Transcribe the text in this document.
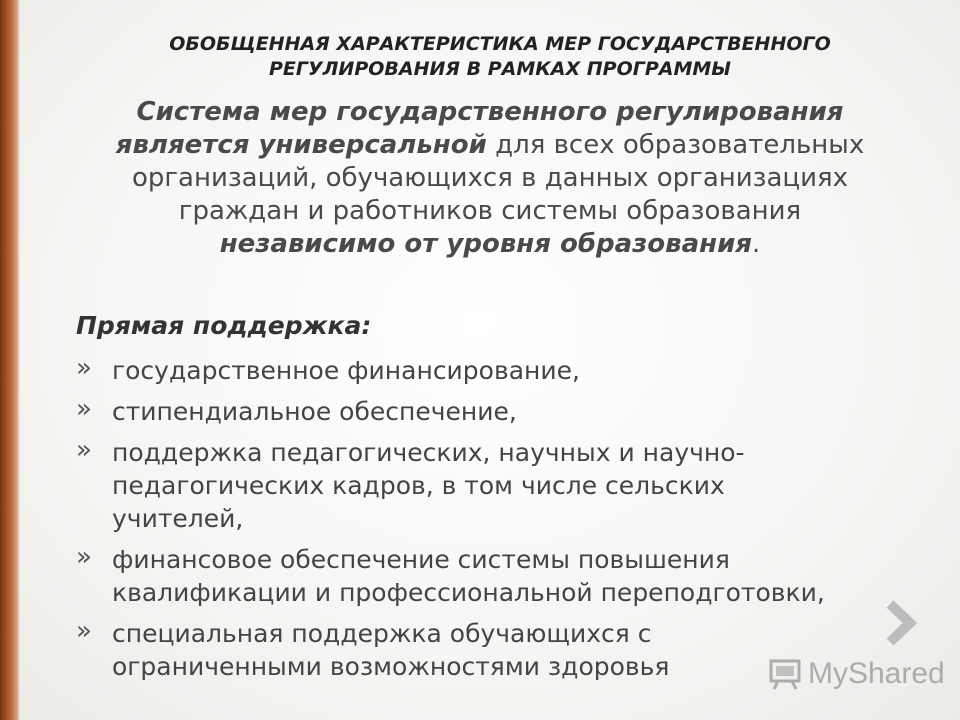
ОБОБЩЕННАЯ ХАРАКТЕРИСТИКА МЕР ГОСУДАРСТВЕННОГО
РЕГУЛИРОВАНИЯ В РАМКАХ ПРОГРАММЫ
Система мер государственного регулирования
является универсальной для всех образовательных
организаций, обучающихся в данных организациях
граждан и работников системы образования
независимо от уровня образования.
Прямая поддержка:
» государственное финансирование,
» стипендиальное обеспечение,
» поддержка педагогических, научных и научно-
педагогических кадров, в том числе сельских
учителей,
» финансовое обеспечение системы повышения
квалификации и профессиональной переподготовки,
» специальная поддержка обучающихся с
ограниченными возможностями здоровья	MyShared
